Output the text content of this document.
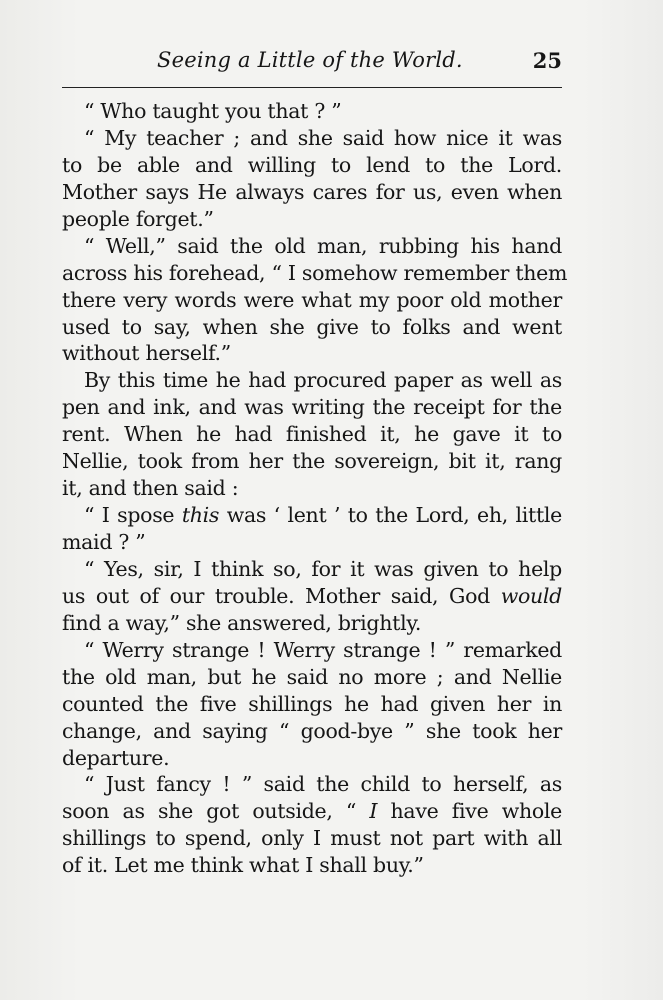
Seeing a Little of the World.	25
“ Who taught you that ? ”
“ My teacher ; and she said how nice it was
to be able and willing to lend to the Lord.
Mother says He always cares for us, even when
people forget.”
“ Well,” said the old man, rubbing his hand
across his forehead, “ I somehow remember them
there very words were what my poor old mother
used to say, when she give to folks and went
without herself.”
By this time he had procured paper as well as
pen and ink, and was writing the receipt for the
rent. When he had finished it, he gave it to
Nellie, took from her the sovereign, bit it, rang
it, and then said :
“ I spose this was ‘ lent ’ to the Lord, eh, little
maid ? ”
“ Yes, sir, I think so, for it was given to help
us out of our trouble. Mother said, God would
find a way,” she answered, brightly.
“ Werry strange ! Werry strange ! ” remarked
the old man, but he said no more ; and Nellie
counted the five shillings he had given her in
change, and saying “ good-bye ” she took her
departure.
“ Just fancy ! ” said the child to herself, as
soon as she got outside, “ I have five whole
shillings to spend, only I must not part with all
of it. Let me think what I shall buy.”
